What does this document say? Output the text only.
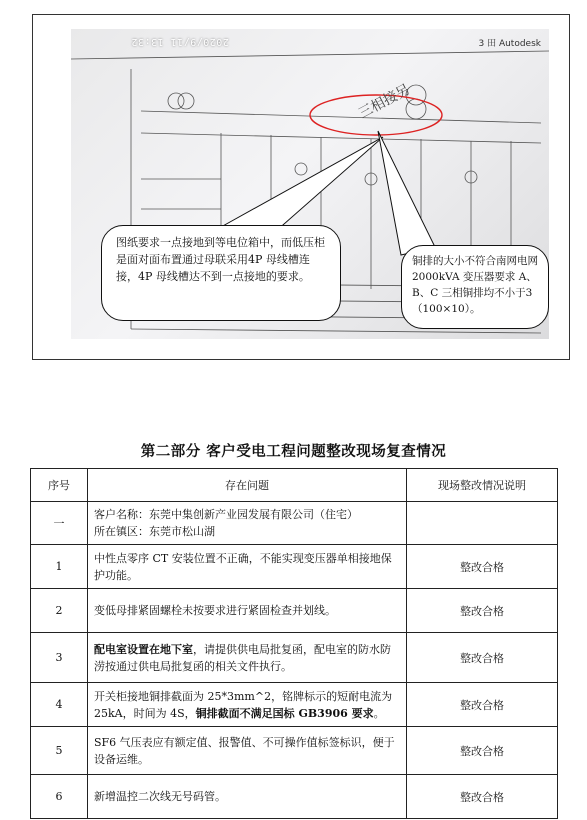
2020/9/11 13:32	3 田 Autodesk
三相接另
图纸要求一点接地到等电位箱中，而低压柜是面对面布置通过母联采用4P 母线槽连接，4P 母线槽达不到一点接地的要求。
铜排的大小不符合南网电网 2000kVA 变压器要求 A、B、C 三相铜排均不小于3（100×10）。
第二部分 客户受电工程问题整改现场复查情况
序号	存在问题	现场整改情况说明
一	客户名称：东莞中集创新产业园发展有限公司（住宅）
所在镇区：东莞市松山湖	

1	中性点零序 CT 安装位置不正确，不能实现变压器单相接地保护功能。	整改合格
2	变低母排紧固螺栓未按要求进行紧固检查并划线。	整改合格
3	配电室设置在地下室，请提供供电局批复函，配电室的防水防涝按通过供电局批复函的相关文件执行。	整改合格
4	开关柜接地铜排截面为 25*3mm^2，铭牌标示的短耐电流为 25kA，时间为 4S，铜排截面不满足国标 GB3906 要求。	整改合格
5	SF6 气压表应有额定值、报警值、不可操作值标签标识，便于设备运维。	整改合格
6	新增温控二次线无号码管。	整改合格
